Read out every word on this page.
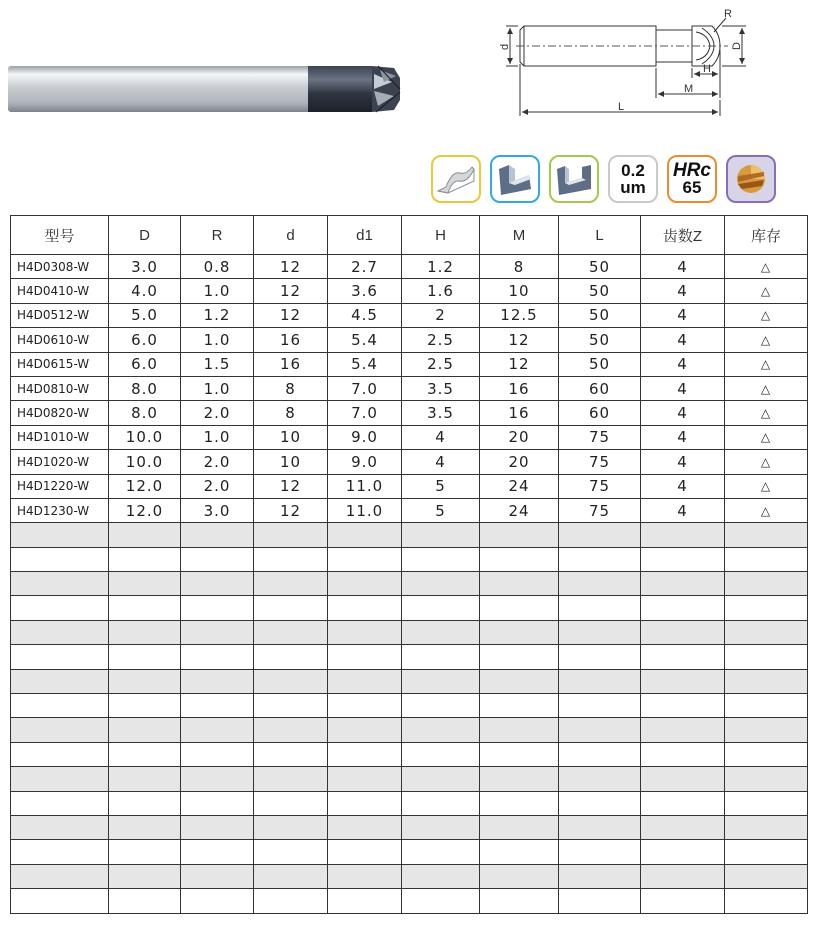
R
d	D
H
M
L
0.2
um
HRc
65
型号	D	R	d	d1	H	M	L	齿数Z	库存
H4D0308-W	3.0	0.8	12	2.7	1.2	8	50	4	△
H4D0410-W	4.0	1.0	12	3.6	1.6	10	50	4	△
H4D0512-W	5.0	1.2	12	4.5	2	12.5	50	4	△
H4D0610-W	6.0	1.0	16	5.4	2.5	12	50	4	△
H4D0615-W	6.0	1.5	16	5.4	2.5	12	50	4	△
H4D0810-W	8.0	1.0	8	7.0	3.5	16	60	4	△
H4D0820-W	8.0	2.0	8	7.0	3.5	16	60	4	△
H4D1010-W	10.0	1.0	10	9.0	4	20	75	4	△
H4D1020-W	10.0	2.0	10	9.0	4	20	75	4	△
H4D1220-W	12.0	2.0	12	11.0	5	24	75	4	△
H4D1230-W	12.0	3.0	12	11.0	5	24	75	4	△
